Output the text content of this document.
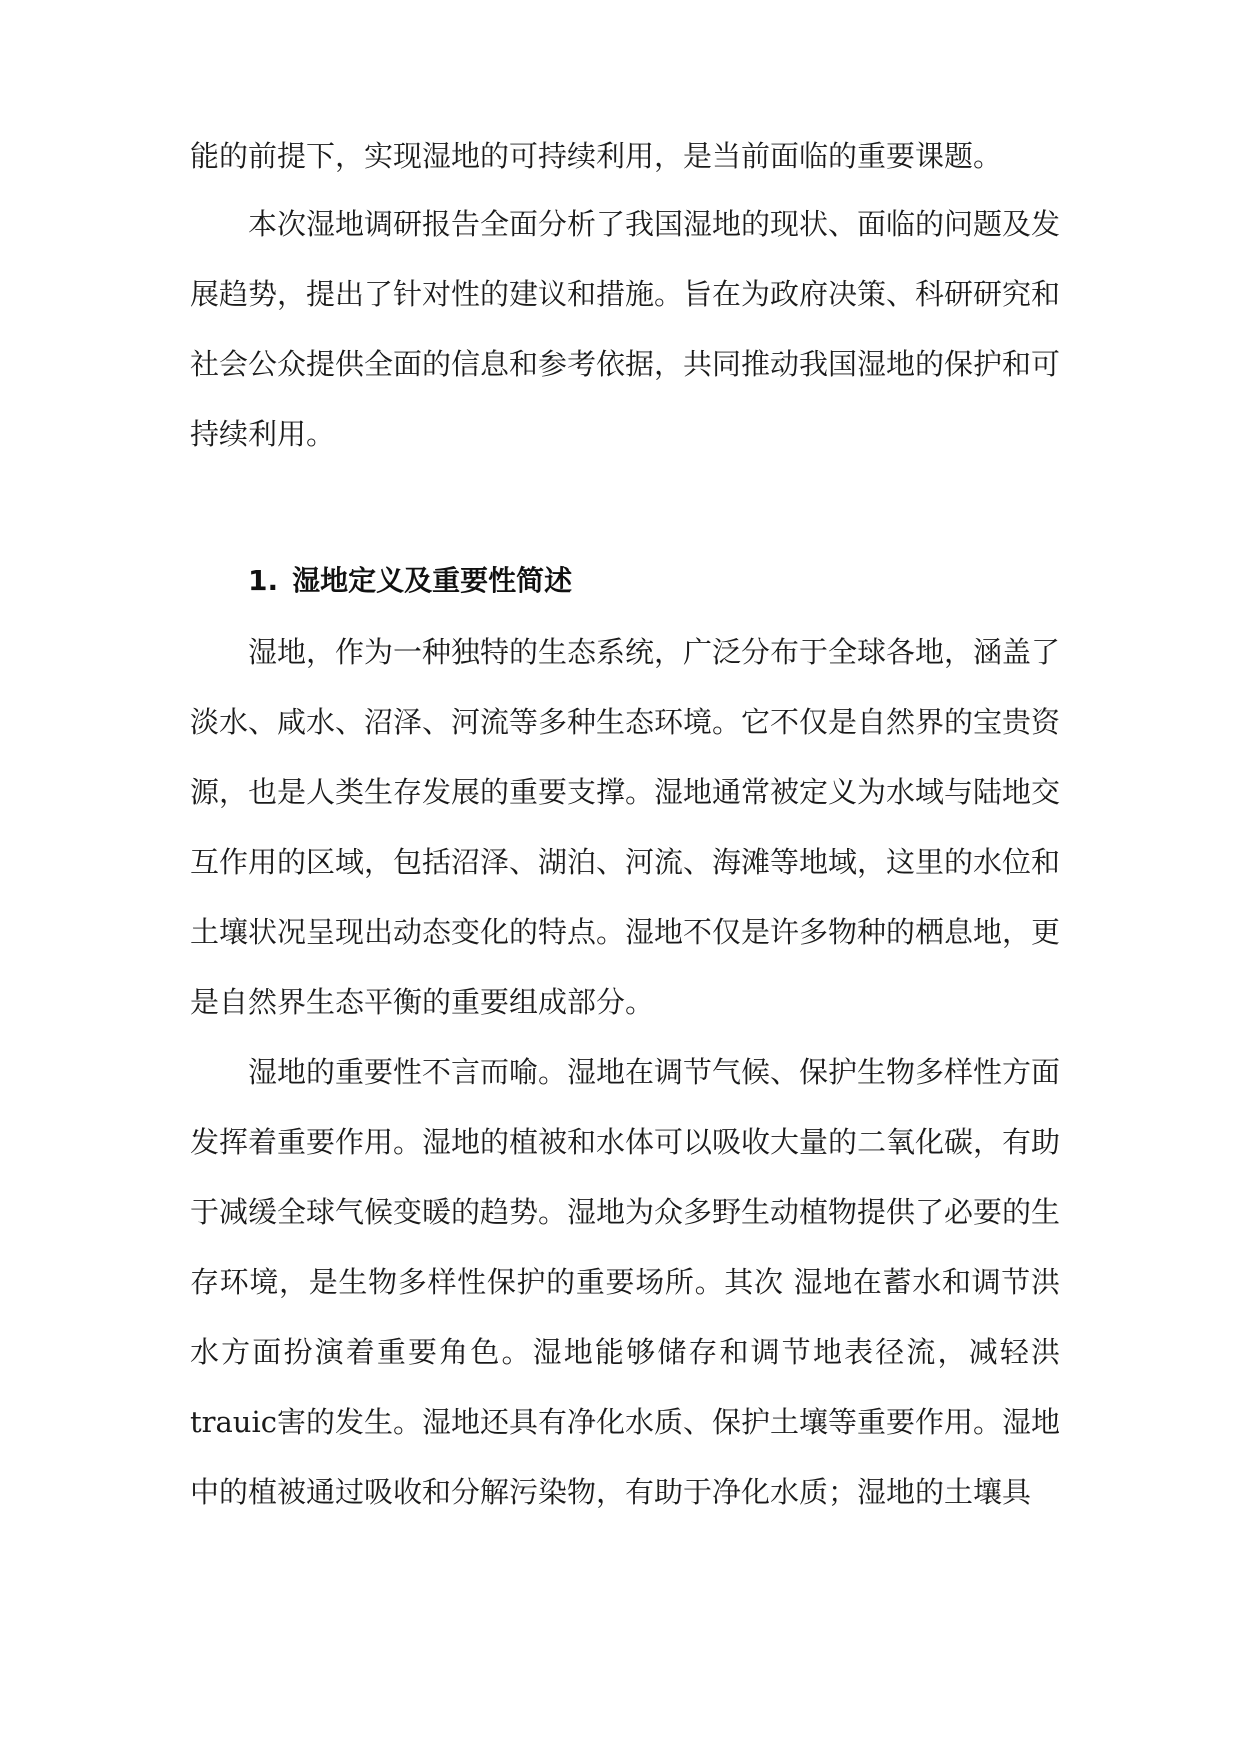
能的前提下，实现湿地的可持续利用，是当前面临的重要课题。

本次湿地调研报告全面分析了我国湿地的现状、面临的问题及发展趋势，提出了针对性的建议和措施。旨在为政府决策、科研研究和社会公众提供全面的信息和参考依据，共同推动我国湿地的保护和可持续利用。

1. 湿地定义及重要性简述

湿地，作为一种独特的生态系统，广泛分布于全球各地，涵盖了淡水、咸水、沼泽、河流等多种生态环境。它不仅是自然界的宝贵资源，也是人类生存发展的重要支撑。湿地通常被定义为水域与陆地交互作用的区域，包括沼泽、湖泊、河流、海滩等地域，这里的水位和土壤状况呈现出动态变化的特点。湿地不仅是许多物种的栖息地，更是自然界生态平衡的重要组成部分。

湿地的重要性不言而喻。湿地在调节气候、保护生物多样性方面发挥着重要作用。湿地的植被和水体可以吸收大量的二氧化碳，有助于减缓全球气候变暖的趋势。湿地为众多野生动植物提供了必要的生存环境，是生物多样性保护的重要场所。其次 湿地在蓄水和调节洪水方面扮演着重要角色。湿地能够储存和调节地表径流，减轻洪trauic害的发生。湿地还具有净化水质、保护土壤等重要作用。湿地中的植被通过吸收和分解污染物，有助于净化水质；湿地的土壤具
